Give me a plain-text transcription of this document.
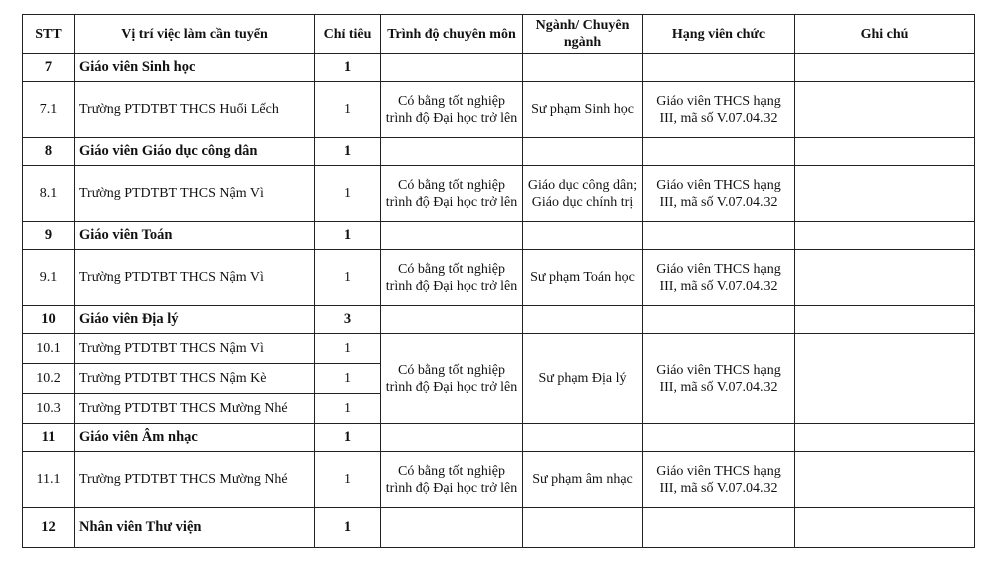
STT	Vị trí việc làm cần tuyển	Chỉ tiêu	Trình độ chuyên môn	Ngành/ Chuyên ngành	Hạng viên chức	Ghi chú
7	Giáo viên Sinh học	1				
7.1	Trường PTDTBT THCS Huổi Lếch	1	Có bằng tốt nghiệp trình độ Đại học trở lên	Sư phạm Sinh học	Giáo viên THCS hạng III, mã số V.07.04.32	
8	Giáo viên Giáo dục công dân	1				
8.1	Trường PTDTBT THCS Nậm Vì	1	Có bằng tốt nghiệp trình độ Đại học trở lên	Giáo dục công dân; Giáo dục chính trị	Giáo viên THCS hạng III, mã số V.07.04.32	
9	Giáo viên Toán	1				
9.1	Trường PTDTBT THCS Nậm Vì	1	Có bằng tốt nghiệp trình độ Đại học trở lên	Sư phạm Toán học	Giáo viên THCS hạng III, mã số V.07.04.32	
10	Giáo viên Địa lý	3				
10.1	Trường PTDTBT THCS Nậm Vì	1	Có bằng tốt nghiệp trình độ Đại học trở lên	Sư phạm Địa lý	Giáo viên THCS hạng III, mã số V.07.04.32	
10.2	Trường PTDTBT THCS Nậm Kè	1				
10.3	Trường PTDTBT THCS Mường Nhé	1				
11	Giáo viên Âm nhạc	1				
11.1	Trường PTDTBT THCS Mường Nhé	1	Có bằng tốt nghiệp trình độ Đại học trở lên	Sư phạm âm nhạc	Giáo viên THCS hạng III, mã số V.07.04.32	
12	Nhân viên Thư viện	1				
